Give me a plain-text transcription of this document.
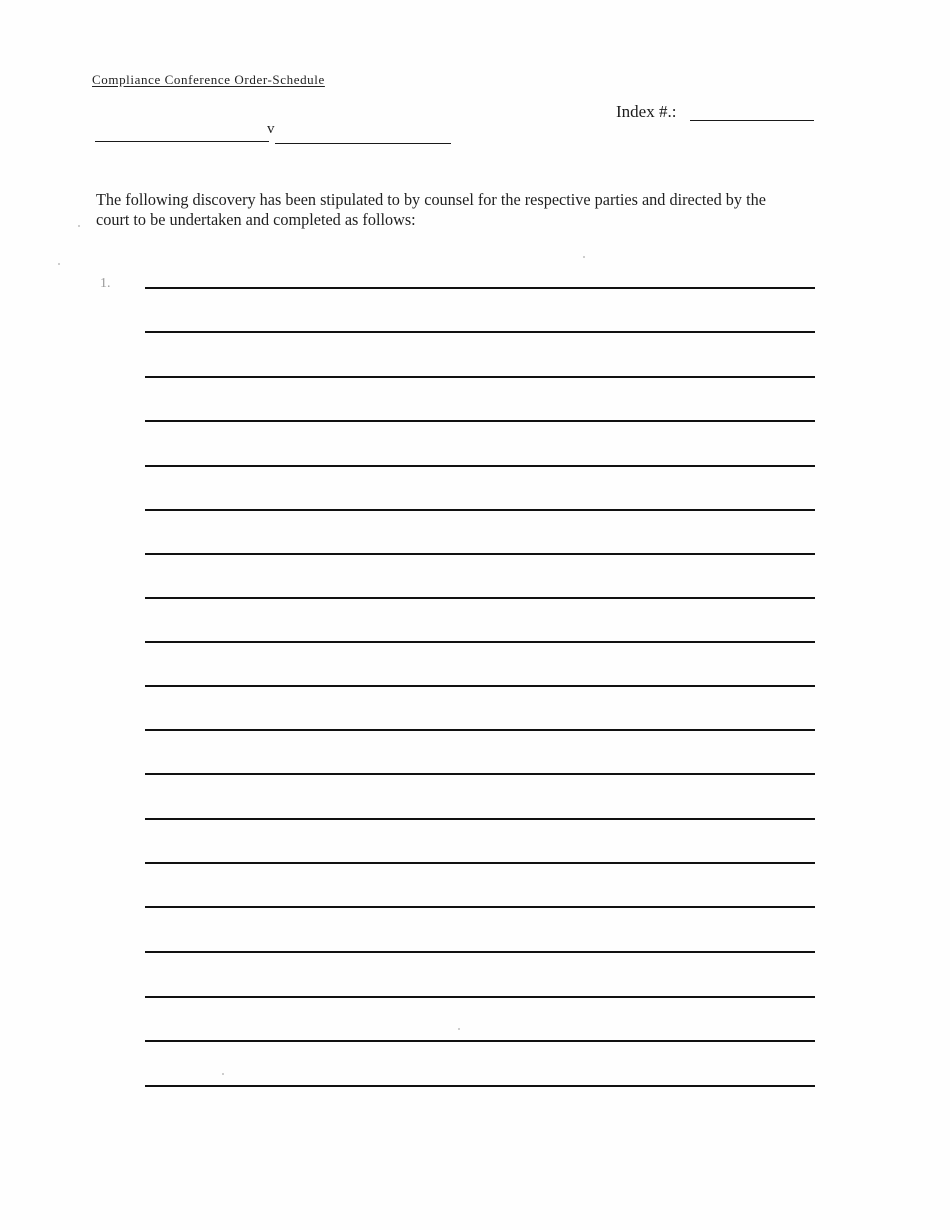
Compliance Conference Order-Schedule
Index #.:
v
The following discovery has been stipulated to by counsel for the respective parties and directed by the court to be undertaken and completed as follows:
1.
